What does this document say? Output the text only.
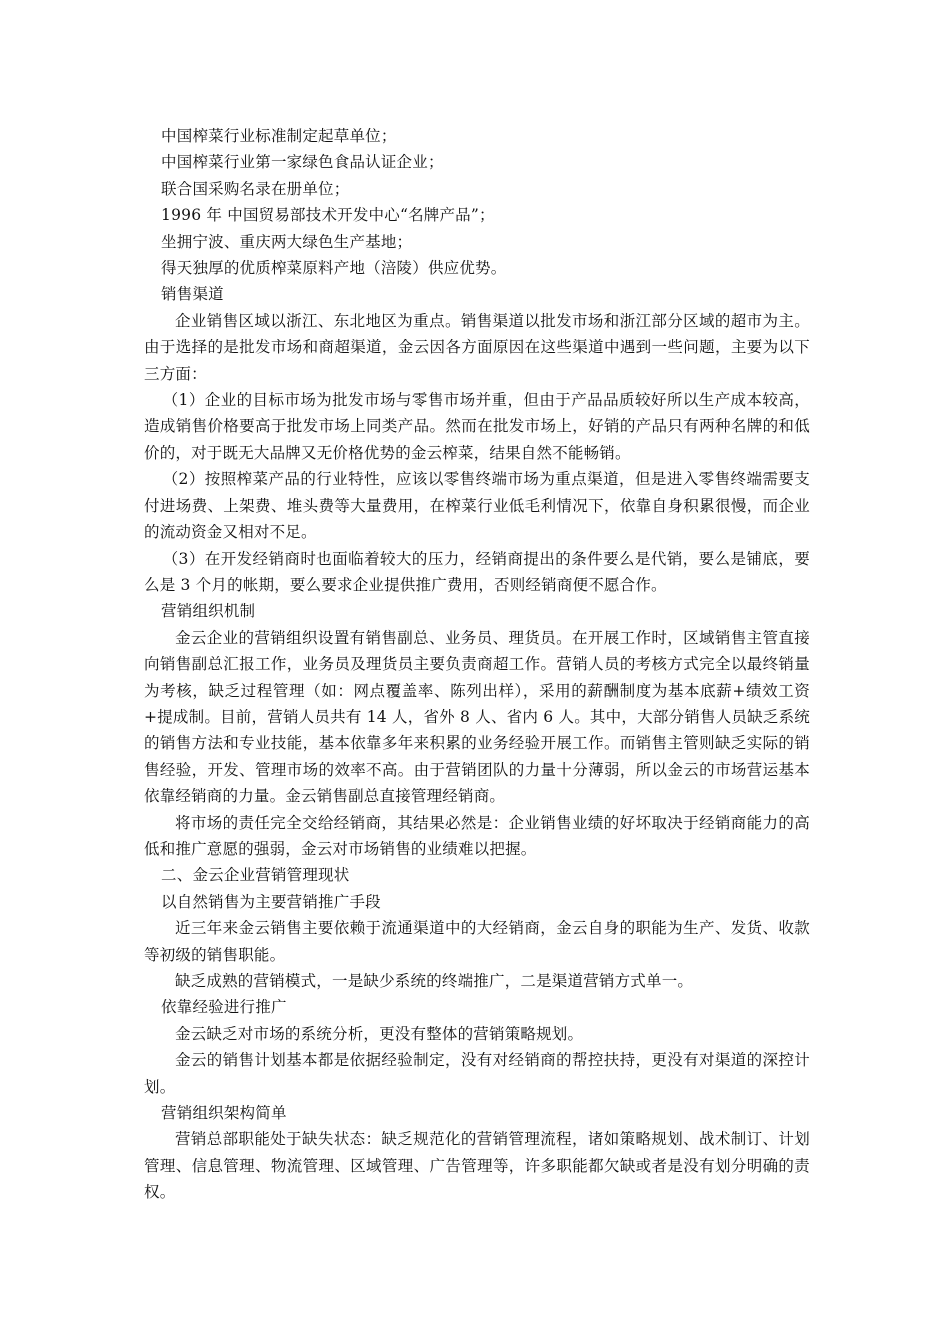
中国榨菜行业标准制定起草单位；

中国榨菜行业第一家绿色食品认证企业；

联合国采购名录在册单位；

1996 年 中国贸易部技术开发中心“名牌产品”；

坐拥宁波、重庆两大绿色生产基地；

得天独厚的优质榨菜原料产地（涪陵）供应优势。

销售渠道

企业销售区域以浙江、东北地区为重点。销售渠道以批发市场和浙江部分区域的超市为主。由于选择的是批发市场和商超渠道，金云因各方面原因在这些渠道中遇到一些问题，主要为以下三方面：

（1）企业的目标市场为批发市场与零售市场并重，但由于产品品质较好所以生产成本较高，造成销售价格要高于批发市场上同类产品。然而在批发市场上，好销的产品只有两种名牌的和低价的，对于既无大品牌又无价格优势的金云榨菜，结果自然不能畅销。

（2）按照榨菜产品的行业特性，应该以零售终端市场为重点渠道，但是进入零售终端需要支付进场费、上架费、堆头费等大量费用，在榨菜行业低毛利情况下，依靠自身积累很慢，而企业的流动资金又相对不足。

（3）在开发经销商时也面临着较大的压力，经销商提出的条件要么是代销，要么是铺底，要么是 3 个月的帐期，要么要求企业提供推广费用，否则经销商便不愿合作。

营销组织机制

金云企业的营销组织设置有销售副总、业务员、理货员。在开展工作时，区域销售主管直接向销售副总汇报工作，业务员及理货员主要负责商超工作。营销人员的考核方式完全以最终销量为考核，缺乏过程管理（如：网点覆盖率、陈列出样），采用的薪酬制度为基本底薪+绩效工资+提成制。目前，营销人员共有 14 人，省外 8 人、省内 6 人。其中，大部分销售人员缺乏系统的销售方法和专业技能，基本依靠多年来积累的业务经验开展工作。而销售主管则缺乏实际的销售经验，开发、管理市场的效率不高。由于营销团队的力量十分薄弱，所以金云的市场营运基本依靠经销商的力量。金云销售副总直接管理经销商。

将市场的责任完全交给经销商，其结果必然是：企业销售业绩的好坏取决于经销商能力的高低和推广意愿的强弱，金云对市场销售的业绩难以把握。

二、金云企业营销管理现状

以自然销售为主要营销推广手段

近三年来金云销售主要依赖于流通渠道中的大经销商，金云自身的职能为生产、发货、收款等初级的销售职能。

缺乏成熟的营销模式，一是缺少系统的终端推广，二是渠道营销方式单一。

依靠经验进行推广

金云缺乏对市场的系统分析，更没有整体的营销策略规划。

金云的销售计划基本都是依据经验制定，没有对经销商的帮控扶持，更没有对渠道的深控计划。

营销组织架构简单

营销总部职能处于缺失状态：缺乏规范化的营销管理流程，诸如策略规划、战术制订、计划管理、信息管理、物流管理、区域管理、广告管理等，许多职能都欠缺或者是没有划分明确的责权。
